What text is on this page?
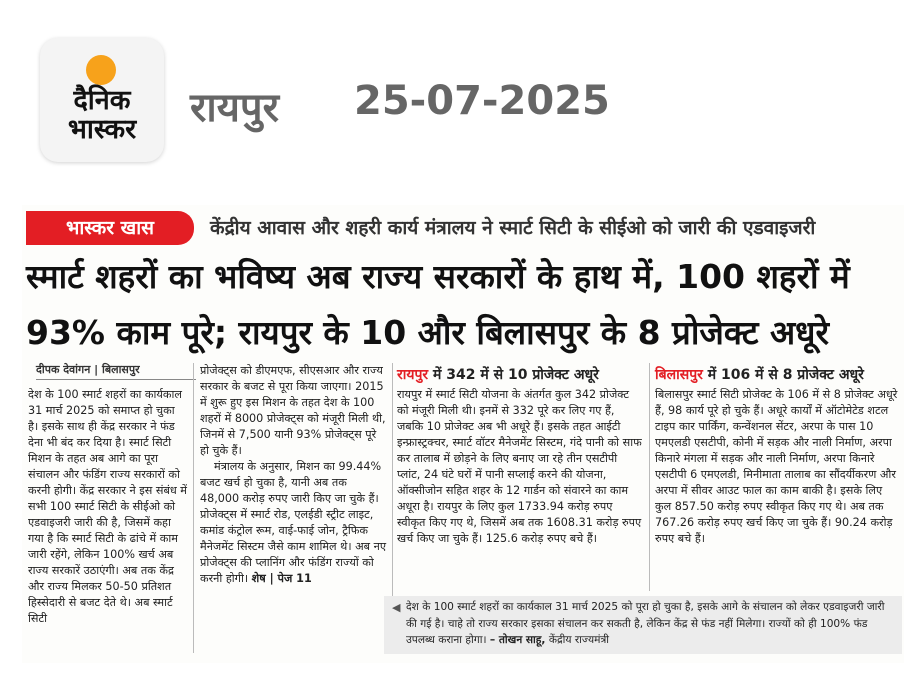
दैनिक भास्कर	रायपुर 25-07-2025
भास्कर खास	केंद्रीय आवास और शहरी कार्य मंत्रालय ने स्मार्ट सिटी के सीईओ को जारी की एडवाइजरी
स्मार्ट शहरों का भविष्य अब राज्य सरकारों के हाथ में, 100 शहरों में
93% काम पूरे; रायपुर के 10 और बिलासपुर के 8 प्रोजेक्ट अधूरे
दीपक देवांगन | बिलासपुर

देश के 100 स्मार्ट शहरों का कार्यकाल 31 मार्च 2025 को समाप्त हो चुका है। इसके साथ ही केंद्र सरकार ने फंड देना भी बंद कर दिया है। स्मार्ट सिटी मिशन के तहत अब आगे का पूरा संचालन और फंडिंग राज्य सरकारों को करनी होगी। केंद्र सरकार ने इस संबंध में सभी 100 स्मार्ट सिटी के सीईओ को एडवाइजरी जारी की है, जिसमें कहा गया है कि स्मार्ट सिटी के ढांचे में काम जारी रहेंगे, लेकिन 100% खर्च अब राज्य सरकारें उठाएंगी। अब तक केंद्र और राज्य मिलकर 50-50 प्रतिशत हिस्सेदारी से बजट देते थे। अब स्मार्ट सिटी

प्रोजेक्ट्स को डीएमएफ, सीएसआर और राज्य सरकार के बजट से पूरा किया जाएगा। 2015 में शुरू हुए इस मिशन के तहत देश के 100 शहरों में 8000 प्रोजेक्ट्स को मंजूरी मिली थी, जिनमें से 7,500 यानी 93% प्रोजेक्ट्स पूरे हो चुके हैं।

मंत्रालय के अनुसार, मिशन का 99.44% बजट खर्च हो चुका है, यानी अब तक 48,000 करोड़ रुपए जारी किए जा चुके हैं। प्रोजेक्ट्स में स्मार्ट रोड, एलईडी स्ट्रीट लाइट, कमांड कंट्रोल रूम, वाई-फाई जोन, ट्रैफिक मैनेजमेंट सिस्टम जैसे काम शामिल थे। अब नए प्रोजेक्ट्स की प्लानिंग और फंडिंग राज्यों को करनी होगी। शेष | पेज 11

रायपुर में 342 में से 10 प्रोजेक्ट अधूरे

रायपुर में स्मार्ट सिटी योजना के अंतर्गत कुल 342 प्रोजेक्ट को मंजूरी मिली थी। इनमें से 332 पूरे कर लिए गए हैं, जबकि 10 प्रोजेक्ट अब भी अधूरे हैं। इसके तहत आईटी इन्फ्रास्ट्रक्चर, स्मार्ट वॉटर मैनेजमेंट सिस्टम, गंदे पानी को साफ कर तालाब में छोड़ने के लिए बनाए जा रहे तीन एसटीपी प्लांट, 24 घंटे घरों में पानी सप्लाई करने की योजना, ऑक्सीजोन सहित शहर के 12 गार्डन को संवारने का काम अधूरा है। रायपुर के लिए कुल 1733.94 करोड़ रुपए स्वीकृत किए गए थे, जिसमें अब तक 1608.31 करोड़ रुपए खर्च किए जा चुके हैं। 125.6 करोड़ रुपए बचे हैं।

बिलासपुर में 106 में से 8 प्रोजेक्ट अधूरे

बिलासपुर स्मार्ट सिटी प्रोजेक्ट के 106 में से 8 प्रोजेक्ट अधूरे हैं, 98 कार्य पूरे हो चुके हैं। अधूरे कार्यों में ऑटोमेटेड शटल टाइप कार पार्किंग, कन्वेंशनल सेंटर, अरपा के पास 10 एमएलडी एसटीपी, कोनी में सड़क और नाली निर्माण, अरपा किनारे मंगला में सड़क और नाली निर्माण, अरपा किनारे एसटीपी 6 एमएलडी, मिनीमाता तालाब का सौंदर्यीकरण और अरपा में सीवर आउट फाल का काम बाकी है। इसके लिए कुल 857.50 करोड़ रुपए स्वीकृत किए गए थे। अब तक 767.26 करोड़ रुपए खर्च किए जा चुके हैं। 90.24 करोड़ रुपए बचे हैं।

◀ देश के 100 स्मार्ट शहरों का कार्यकाल 31 मार्च 2025 को पूरा हो चुका है, इसके आगे के संचालन को लेकर एडवाइजरी जारी की गई है। चाहे तो राज्य सरकार इसका संचालन कर सकती है, लेकिन केंद्र से फंड नहीं मिलेगा। राज्यों को ही 100% फंड उपलब्ध कराना होगा। – तोखन साहू, केंद्रीय राज्यमंत्री
